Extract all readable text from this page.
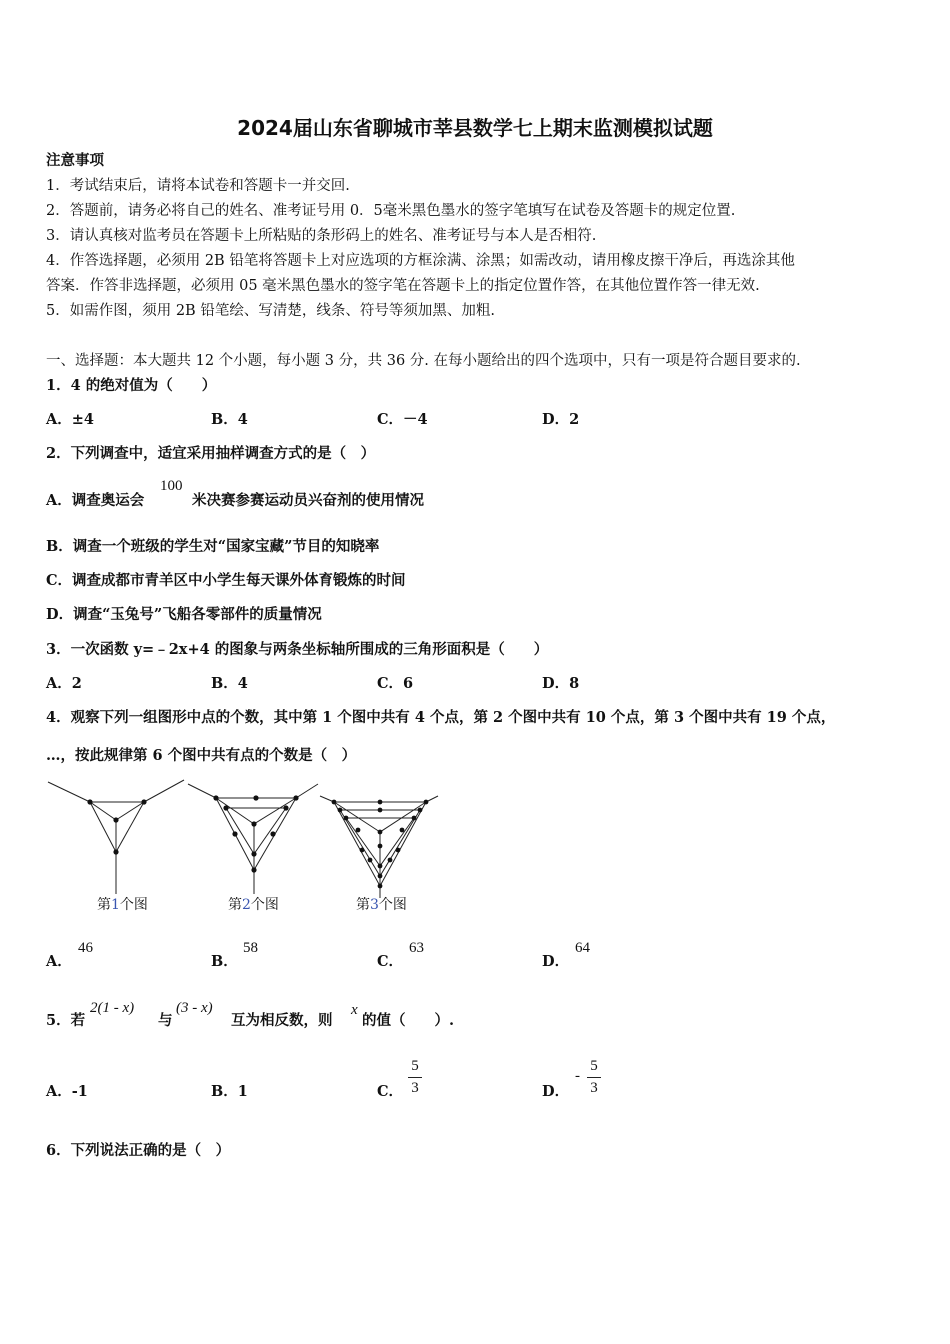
2024届山东省聊城市莘县数学七上期末监测模拟试题
注意事项
1．考试结束后，请将本试卷和答题卡一并交回.
2．答题前，请务必将自己的姓名、准考证号用 0．5毫米黑色墨水的签字笔填写在试卷及答题卡的规定位置.
3．请认真核对监考员在答题卡上所粘贴的条形码上的姓名、准考证号与本人是否相符.
4．作答选择题，必须用 2B 铅笔将答题卡上对应选项的方框涂满、涂黑；如需改动，请用橡皮擦干净后，再选涂其他
答案．作答非选择题，必须用 05 毫米黑色墨水的签字笔在答题卡上的指定位置作答，在其他位置作答一律无效.
5．如需作图，须用 2B 铅笔绘、写清楚，线条、符号等须加黑、加粗.
一、选择题：本大题共 12 个小题，每小题 3 分，共 36 分. 在每小题给出的四个选项中，只有一项是符合题目要求的.
1．4 的绝对值为（　　）
A．±4	B．4	C．－4	D．2
2．下列调查中，适宜采用抽样调查方式的是（　）
A．调查奥运会
100
米决赛参赛运动员兴奋剂的使用情况
B．调查一个班级的学生对“国家宝藏”节目的知晓率
C．调查成都市青羊区中小学生每天课外体育锻炼的时间
D．调查“玉兔号”飞船各零部件的质量情况
3．一次函数 y=﹣2x+4 的图象与两条坐标轴所围成的三角形面积是（　　）
A．2	B．4	C．6	D．8
4．观察下列一组图形中点的个数，其中第 1 个图中共有 4 个点，第 2 个图中共有 10 个点，第 3 个图中共有 19 个点，
…，按此规律第 6 个图中共有点的个数是（　）
第1个图	第2个图	第3个图
A．
46
B．
58
C．
63
D．
64
5．若
2(1 - x)
与
(3 - x)
互为相反数，则
x
的值（　　）.
A．-1	B．1	C．
5
3	D．
-
5
3
6．下列说法正确的是（　）
